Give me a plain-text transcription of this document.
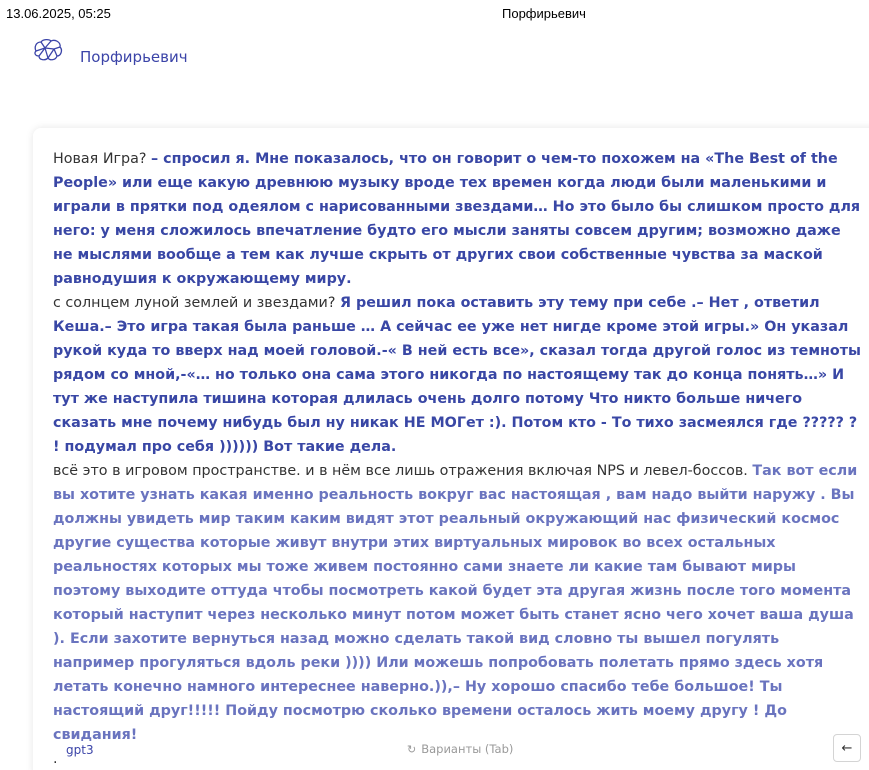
13.06.2025, 05:25	Порфирьевич
Порфирьевич

Новая Игра? – спросил я. Мне показалось, что он говорит о чем-то похожем на «The Best of the People» или еще какую древнюю музыку вроде тех времен когда люди были маленькими и играли в прятки под одеялом с нарисованными звездами… Но это было бы слишком просто для него: у меня сложилось впечатление будто его мысли заняты совсем другим; возможно даже не мыслями вообще а тем как лучше скрыть от других свои собственные чувства за маской равнодушия к окружающему миру.

с солнцем луной землей и звездами? Я решил пока оставить эту тему при себе .– Нет , ответил Кеша.– Это игра такая была раньше … А сейчас ее уже нет нигде кроме этой игры.» Он указал рукой куда то вверх над моей головой.-« В ней есть все», сказал тогда другой голос из темноты рядом со мной,-«… но только она сама этого никогда по настоящему так до конца понять…» И тут же наступила тишина которая длилась очень долго потому Что никто больше ничего сказать мне почему нибудь был ну никак НЕ МОГет :). Потом кто - То тихо засмеялся где ????? ? ! подумал про себя )))))) Вот такие дела.

всё это в игровом пространстве. и в нём все лишь отражения включая NPS и левел-боссов. Так вот если вы хотите узнать какая именно реальность вокруг вас настоящая , вам надо выйти наружу . Вы должны увидеть мир таким каким видят этот реальный окружающий нас физический космос другие существа которые живут внутри этих виртуальных мировок во всех остальных реальностях которых мы тоже живем постоянно сами знаете ли какие там бывают миры поэтому выходите оттуда чтобы посмотреть какой будет эта другая жизнь после того момента который наступит через несколько минут потом может быть станет ясно чего хочет ваша душа ). Если захотите вернуться назад можно сделать такой вид словно ты вышел погулять например прогуляться вдоль реки )))) Или можешь попробовать полетать прямо здесь хотя летать конечно намного интереснее наверно.)),– Ну хорошо спасибо тебе большое! Ты настоящий друг!!!!! Пойду посмотрю сколько времени осталось жить моему другу ! До свидания!

.

gpt3	↻ Варианты (Tab)	←
